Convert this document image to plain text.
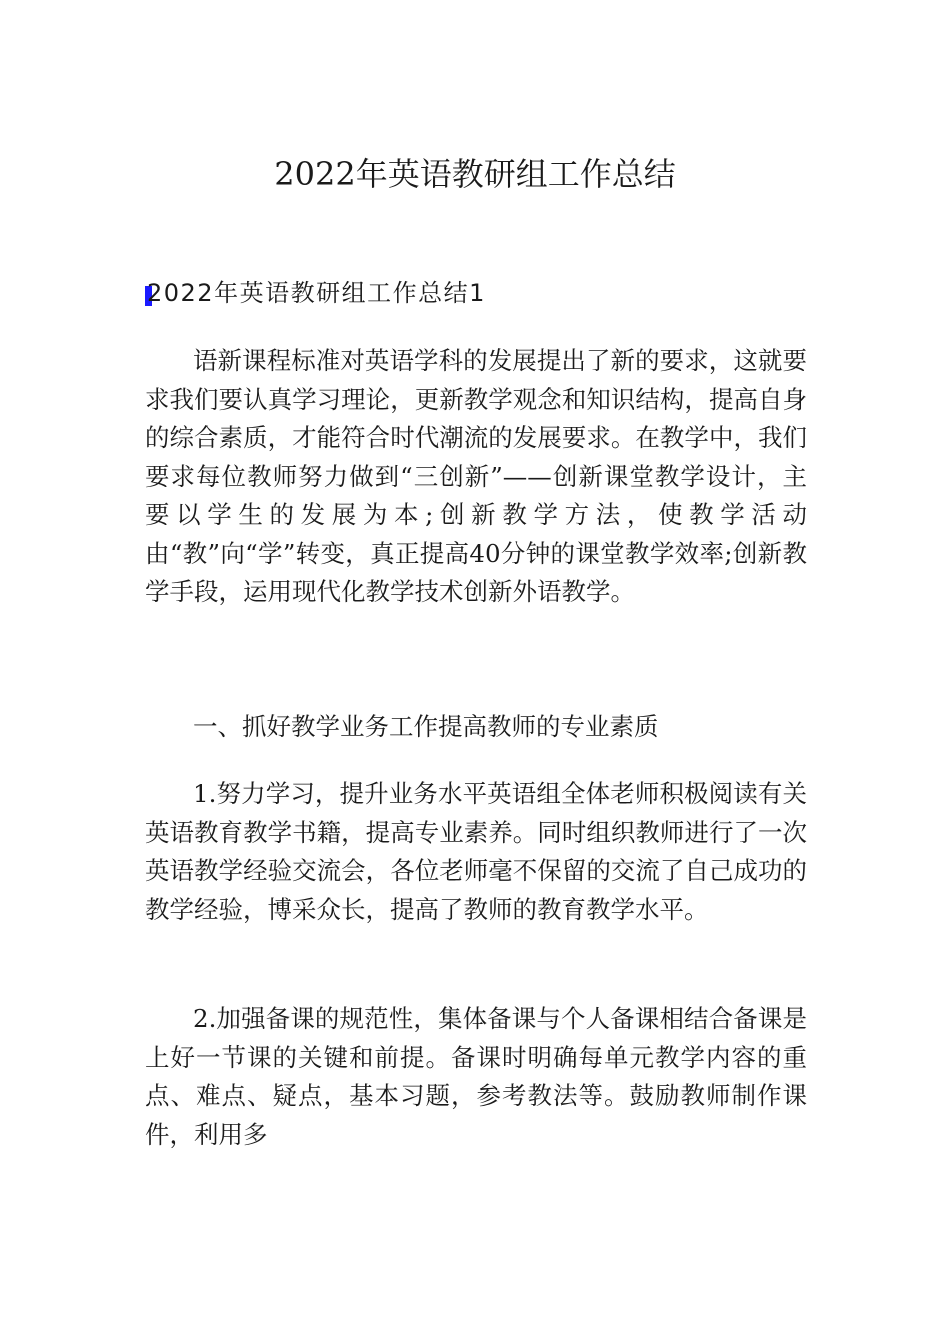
2022年英语教研组工作总结
2022年英语教研组工作总结1

语新课程标准对英语学科的发展提出了新的要求，这就要求我们要认真学习理论，更新教学观念和知识结构，提高自身的综合素质，才能符合时代潮流的发展要求。在教学中，我们要求每位教师努力做到“三创新”——创新课堂教学设计，主要以学生的发展为本;创新教学方法，使教学活动由“教”向“学”转变，真正提高40分钟的课堂教学效率;创新教学手段，运用现代化教学技术创新外语教学。

一、抓好教学业务工作提高教师的专业素质

1.努力学习，提升业务水平英语组全体老师积极阅读有关英语教育教学书籍，提高专业素养。同时组织教师进行了一次英语教学经验交流会，各位老师毫不保留的交流了自己成功的教学经验，博采众长，提高了教师的教育教学水平。

2.加强备课的规范性，集体备课与个人备课相结合备课是上好一节课的关键和前提。备课时明确每单元教学内容的重点、难点、疑点，基本习题，参考教法等。鼓励教师制作课件，利用多
